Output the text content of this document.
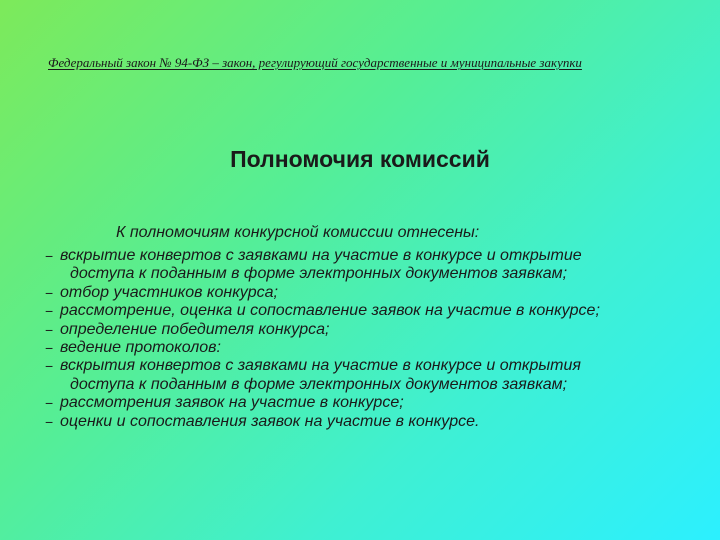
Федеральный закон № 94-ФЗ – закон, регулирующий государственные и муниципальные закупки
Полномочия комиссий
К полномочиям конкурсной комиссии отнесены:
− вскрытие конвертов с заявками на участие в конкурсе и открытие
доступа к поданным в форме электронных документов заявкам;
− отбор участников конкурса;
− рассмотрение, оценка и сопоставление заявок на участие в конкурсе;
− определение победителя конкурса;
− ведение протоколов:
− вскрытия конвертов с заявками на участие в конкурсе и открытия
доступа к поданным в форме электронных документов заявкам;
− рассмотрения заявок на участие в конкурсе;
− оценки и сопоставления заявок на участие в конкурсе.
